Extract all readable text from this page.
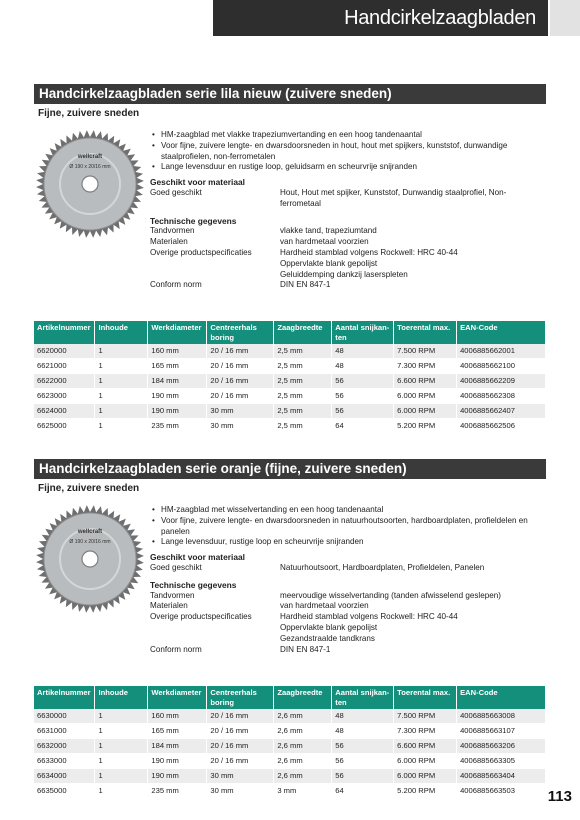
Handcirkelzaagbladen
Handcirkelzaagbladen serie lila nieuw (zuivere sneden)
Fijne, zuivere sneden
wellcraft
Ø 190 x 20/16 mm
• HM-zaagblad met vlakke trapeziumvertanding en een hoog tandenaantal
• Voor fijne, zuivere lengte- en dwarsdoorsneden in hout, hout met spijkers, kunststof, dunwandige staalprofielen, non-ferrometalen
• Lange levensduur en rustige loop, geluidsarm en scheurvrije snijranden
Geschikt voor materiaal
Goed geschikt	Hout, Hout met spijker, Kunststof, Dunwandig staalprofiel, Non-ferrometaal
Technische gegevens
Tandvormen	vlakke tand, trapeziumtand
Materialen	van hardmetaal voorzien
Overige productspecificaties	Hardheid stamblad volgens Rockwell: HRC 40-44
Oppervlakte blank gepolijst
Geluiddemping dankzij laserspleten
Conform norm	DIN EN 847-1
Artikelnummer	Inhoude	Werkdiameter	Centreerhals boring	Zaagbreedte	Aantal snijkan-ten	Toerental max.	EAN-Code
6620000	1	160 mm	20 / 16 mm	2,5 mm	48	7.500 RPM	4006885662001
6621000	1	165 mm	20 / 16 mm	2,5 mm	48	7.300 RPM	4006885662100
6622000	1	184 mm	20 / 16 mm	2,5 mm	56	6.600 RPM	4006885662209
6623000	1	190 mm	20 / 16 mm	2,5 mm	56	6.000 RPM	4006885662308
6624000	1	190 mm	30 mm	2,5 mm	56	6.000 RPM	4006885662407
6625000	1	235 mm	30 mm	2,5 mm	64	5.200 RPM	4006885662506
Handcirkelzaagbladen serie oranje (fijne, zuivere sneden)
Fijne, zuivere sneden
wellcraft
Ø 190 x 20/16 mm
• HM-zaagblad met wisselvertanding en een hoog tandenaantal
• Voor fijne, zuivere lengte- en dwarsdoorsneden in natuurhoutsoorten, hardboardplaten, profieldelen en panelen
• Lange levensduur, rustige loop en scheurvrije snijranden
Geschikt voor materiaal
Goed geschikt	Natuurhoutsoort, Hardboardplaten, Profieldelen, Panelen
Technische gegevens
Tandvormen	meervoudige wisselvertanding (tanden afwisselend geslepen)
Materialen	van hardmetaal voorzien
Overige productspecificaties	Hardheid stamblad volgens Rockwell: HRC 40-44
Oppervlakte blank gepolijst
Gezandstraalde tandkrans
Conform norm	DIN EN 847-1
Artikelnummer	Inhoude	Werkdiameter	Centreerhals boring	Zaagbreedte	Aantal snijkan-ten	Toerental max.	EAN-Code
6630000	1	160 mm	20 / 16 mm	2,6 mm	48	7.500 RPM	4006885663008
6631000	1	165 mm	20 / 16 mm	2,6 mm	48	7.300 RPM	4006885663107
6632000	1	184 mm	20 / 16 mm	2,6 mm	56	6.600 RPM	4006885663206
6633000	1	190 mm	20 / 16 mm	2,6 mm	56	6.000 RPM	4006885663305
6634000	1	190 mm	30 mm	2,6 mm	56	6.000 RPM	4006885663404
6635000	1	235 mm	30 mm	3 mm	64	5.200 RPM	4006885663503 113
